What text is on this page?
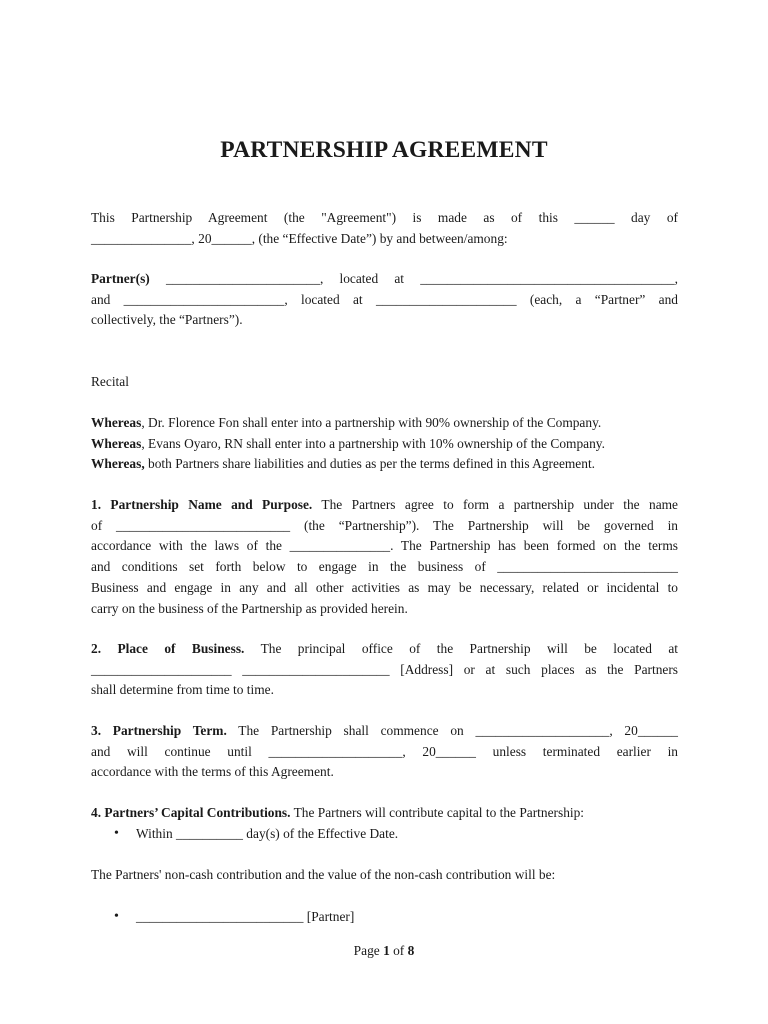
PARTNERSHIP AGREEMENT
This Partnership Agreement (the "Agreement") is made as of this ______ day of
_______________, 20______, (the “Effective Date”) by and between/among:
Partner(s) _______________________, located at ______________________________________,
and ________________________, located at _____________________ (each, a “Partner” and
collectively, the “Partners”).
Recital
Whereas, Dr. Florence Fon shall enter into a partnership with 90% ownership of the Company.
Whereas, Evans Oyaro, RN shall enter into a partnership with 10% ownership of the Company.
Whereas, both Partners share liabilities and duties as per the terms defined in this Agreement.
1. Partnership Name and Purpose. The Partners agree to form a partnership under the name
of __________________________ (the “Partnership”). The Partnership will be governed in
accordance with the laws of the _______________. The Partnership has been formed on the terms
and conditions set forth below to engage in the business of ___________________________
Business and engage in any and all other activities as may be necessary, related or incidental to
carry on the business of the Partnership as provided herein.
2. Place of Business. The principal office of the Partnership will be located at
_____________________ ______________________ [Address] or at such places as the Partners
shall determine from time to time.
3. Partnership Term. The Partnership shall commence on ____________________, 20______
and will continue until ____________________, 20______ unless terminated earlier in
accordance with the terms of this Agreement.
4. Partners’ Capital Contributions. The Partners will contribute capital to the Partnership:
• Within __________ day(s) of the Effective Date.
The Partners' non-cash contribution and the value of the non-cash contribution will be:
• _________________________ [Partner]
Page 1 of 8
